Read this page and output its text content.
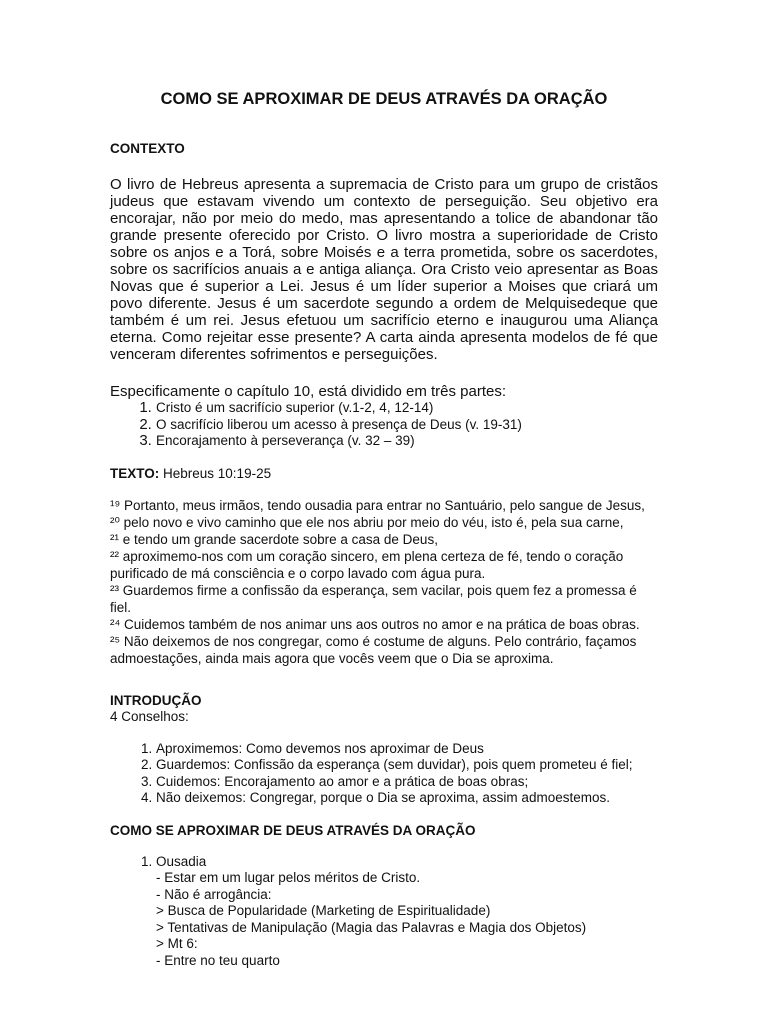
COMO SE APROXIMAR DE DEUS ATRAVÉS DA ORAÇÃO
CONTEXTO

O livro de Hebreus apresenta a supremacia de Cristo para um grupo de cristãos judeus que estavam vivendo um contexto de perseguição. Seu objetivo era encorajar, não por meio do medo, mas apresentando a tolice de abandonar tão grande presente oferecido por Cristo. O livro mostra a superioridade de Cristo sobre os anjos e a Torá, sobre Moisés e a terra prometida, sobre os sacerdotes, sobre os sacrifícios anuais a e antiga aliança. Ora Cristo veio apresentar as Boas Novas que é superior a Lei. Jesus é um líder superior a Moises que criará um povo diferente. Jesus é um sacerdote segundo a ordem de Melquisedeque que também é um rei. Jesus efetuou um sacrifício eterno e inaugurou uma Aliança eterna. Como rejeitar esse presente? A carta ainda apresenta modelos de fé que venceram diferentes sofrimentos e perseguições.

Especificamente o capítulo 10, está dividido em três partes:

1. Cristo é um sacrifício superior (v.1-2, 4, 12-14)
2. O sacrifício liberou um acesso à presença de Deus (v. 19-31)
3. Encorajamento à perseverança (v. 32 – 39)
TEXTO: Hebreus 10:19-25

¹⁹ Portanto, meus irmãos, tendo ousadia para entrar no Santuário, pelo sangue de Jesus,

²⁰ pelo novo e vivo caminho que ele nos abriu por meio do véu, isto é, pela sua carne,

²¹ e tendo um grande sacerdote sobre a casa de Deus,

²² aproximemo-nos com um coração sincero, em plena certeza de fé, tendo o coração purificado de má consciência e o corpo lavado com água pura.

²³ Guardemos firme a confissão da esperança, sem vacilar, pois quem fez a promessa é fiel.

²⁴ Cuidemos também de nos animar uns aos outros no amor e na prática de boas obras.

²⁵ Não deixemos de nos congregar, como é costume de alguns. Pelo contrário, façamos admoestações, ainda mais agora que vocês veem que o Dia se aproxima.

INTRODUÇÃO

4 Conselhos:

1. Aproximemos: Como devemos nos aproximar de Deus
2. Guardemos: Confissão da esperança (sem duvidar), pois quem prometeu é fiel;
3. Cuidemos: Encorajamento ao amor e a prática de boas obras;
4. Não deixemos: Congregar, porque o Dia se aproxima, assim admoestemos.
COMO SE APROXIMAR DE DEUS ATRAVÉS DA ORAÇÃO
1. Ousadia
- Estar em um lugar pelos méritos de Cristo.
- Não é arrogância:
> Busca de Popularidade (Marketing de Espiritualidade)
> Tentativas de Manipulação (Magia das Palavras e Magia dos Objetos)
> Mt 6:
- Entre no teu quarto
